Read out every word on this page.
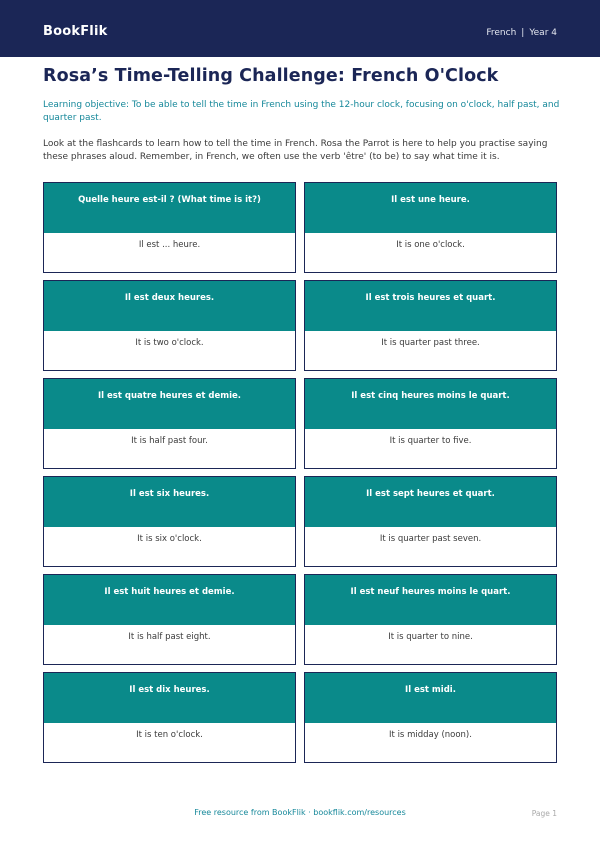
BookFlik	French | Year 4
Rosa’s Time-Telling Challenge: French O'Clock
Learning objective: To be able to tell the time in French using the 12-hour clock, focusing on o'clock, half past, and quarter past.
Look at the flashcards to learn how to tell the time in French. Rosa the Parrot is here to help you practise saying these phrases aloud. Remember, in French, we often use the verb 'être' (to be) to say what time it is.
Quelle heure est-il ? (What time is it?)
Il est ... heure.
Il est une heure.
It is one o'clock.
Il est deux heures.
It is two o'clock.
Il est trois heures et quart.
It is quarter past three.
Il est quatre heures et demie.
It is half past four.
Il est cinq heures moins le quart.
It is quarter to five.
Il est six heures.
It is six o'clock.
Il est sept heures et quart.
It is quarter past seven.
Il est huit heures et demie.
It is half past eight.
Il est neuf heures moins le quart.
It is quarter to nine.
Il est dix heures.
It is ten o'clock.
Il est midi.
It is midday (noon).
Free resource from BookFlik · bookflik.com/resources	Page 1
